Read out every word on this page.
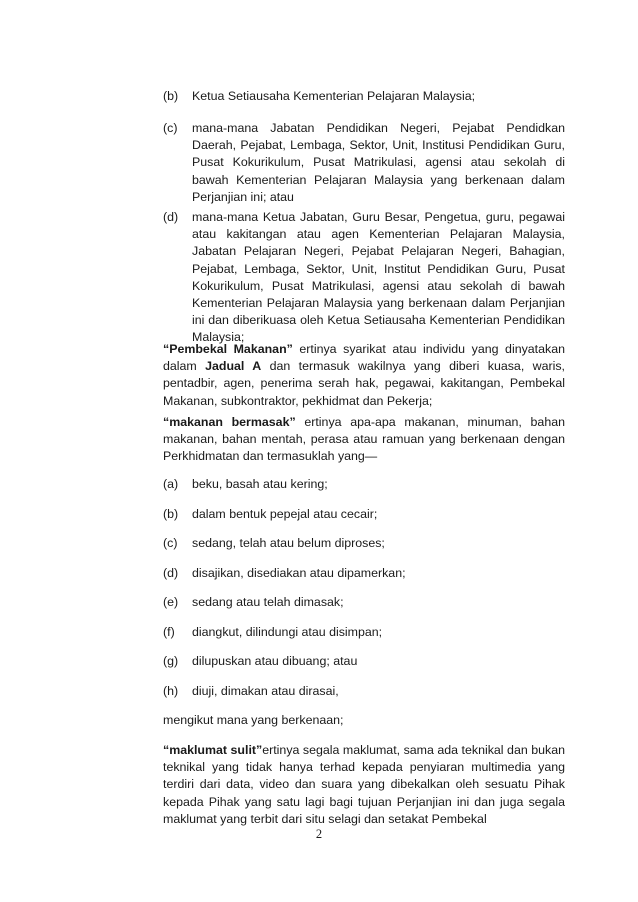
(b)	Ketua Setiausaha Kementerian Pelajaran Malaysia;
(c)	mana-mana Jabatan Pendidikan Negeri, Pejabat Pendidkan Daerah, Pejabat, Lembaga, Sektor, Unit, Institusi Pendidikan Guru, Pusat Kokurikulum, Pusat Matrikulasi, agensi atau sekolah di bawah Kementerian Pelajaran Malaysia yang berkenaan dalam Perjanjian ini; atau
(d)	mana-mana Ketua Jabatan, Guru Besar, Pengetua, guru, pegawai atau kakitangan atau agen Kementerian Pelajaran Malaysia, Jabatan Pelajaran Negeri, Pejabat Pelajaran Negeri, Bahagian, Pejabat, Lembaga, Sektor, Unit, Institut Pendidikan Guru, Pusat Kokurikulum, Pusat Matrikulasi, agensi atau sekolah di bawah Kementerian Pelajaran Malaysia yang berkenaan dalam Perjanjian ini dan diberikuasa oleh Ketua Setiausaha Kementerian Pendidikan Malaysia;
“Pembekal Makanan” ertinya syarikat atau individu yang dinyatakan dalam Jadual A dan termasuk wakilnya yang diberi kuasa, waris, pentadbir, agen, penerima serah hak, pegawai, kakitangan, Pembekal Makanan, subkontraktor, pekhidmat dan Pekerja;
“makanan bermasak” ertinya apa-apa makanan, minuman, bahan makanan, bahan mentah, perasa atau ramuan yang berkenaan dengan Perkhidmatan dan termasuklah yang—
(a)	beku, basah atau kering;
(b)	dalam bentuk pepejal atau cecair;
(c)	sedang, telah atau belum diproses;
(d)	disajikan, disediakan atau dipamerkan;
(e)	sedang atau telah dimasak;
(f)	diangkut, dilindungi atau disimpan;
(g)	dilupuskan atau dibuang; atau
(h)	diuji, dimakan atau dirasai,
mengikut mana yang berkenaan;
“maklumat sulit”ertinya segala maklumat, sama ada teknikal dan bukan teknikal yang tidak hanya terhad kepada penyiaran multimedia yang terdiri dari data, video dan suara yang dibekalkan oleh sesuatu Pihak kepada Pihak yang satu lagi bagi tujuan Perjanjian ini dan juga segala maklumat yang terbit dari situ selagi dan setakat Pembekal
2
